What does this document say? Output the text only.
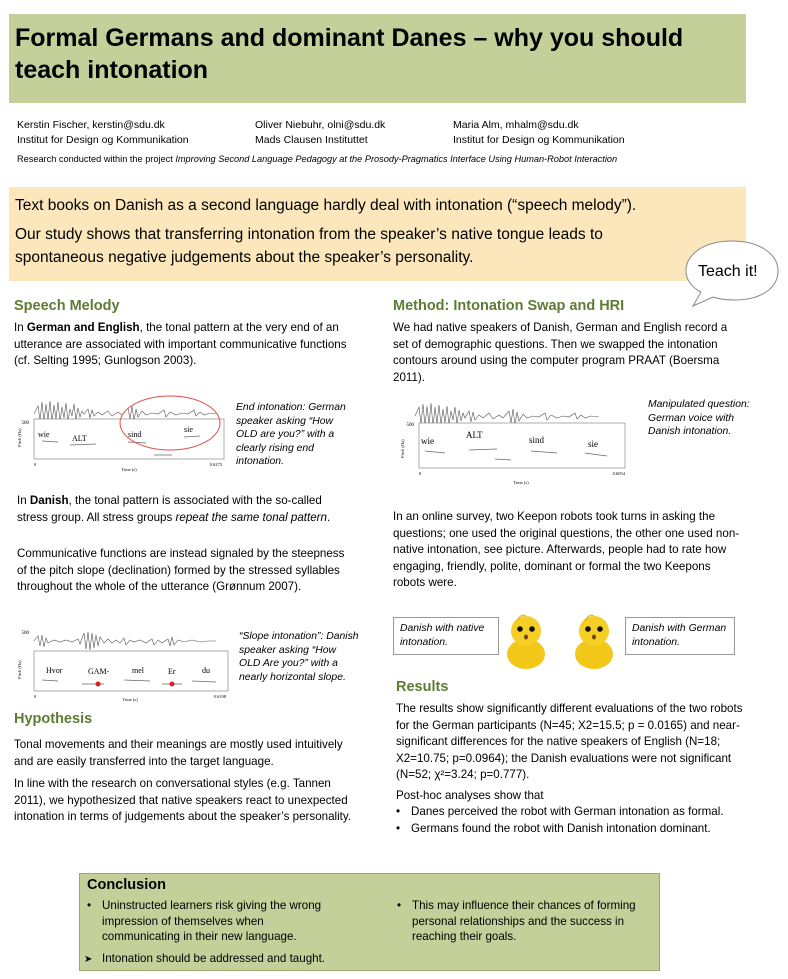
Formal Germans and dominant Danes – why you should teach intonation
Kerstin Fischer, kerstin@sdu.dk
Institut for Design og Kommunikation
Oliver Niebuhr, olni@sdu.dk
Mads Clausen Instituttet
Maria Alm, mhalm@sdu.dk
Institut for Design og Kommunikation
Research conducted within the project Improving Second Language Pedagogy at the Prosody-Pragmatics Interface Using Human-Robot Interaction
Text books on Danish as a second language hardly deal with intonation (“speech melody”).
Our study shows that transferring intonation from the speaker’s native tongue leads to
spontaneous negative judgements about the speaker’s personality.
Teach it!
Speech Melody
In German and English, the tonal pattern at the very end of an utterance are associated with important communicative functions (cf. Selting 1995; Gunlogson 2003).
500
Pitch (Hz)
0
Time (s)
0.6275
wie	ALT	sind
sie
End intonation: German speaker asking “How OLD are you?” with a clearly rising end intonation.
In Danish, the tonal pattern is associated with the so-called stress group. All stress groups repeat the same tonal pattern.
Communicative functions are instead signaled by the steepness of the pitch slope (declination) formed by the stressed syllables throughout the whole of the utterance (Grønnum 2007).
500
Pitch (Hz)
0
Time (s)
0.6198
Hvor	GAM-	mel	Er	du
“Slope intonation”: Danish speaker asking “How OLD Are you?” with a nearly horizontal slope.
Hypothesis
Tonal movements and their meanings are mostly used intuitively and are easily transferred into the target language.
In line with the research on conversational styles (e.g. Tannen 2011), we hypothesized that native speakers react to unexpected intonation in terms of judgements about the speaker’s personality.
Method: Intonation Swap and HRI
We had native speakers of Danish, German and English record a set of demographic questions. Then we swapped the intonation contours around using the computer program PRAAT (Boersma 2011).
500
Pitch (Hz)
0
Time (s)
0.6054
wie
ALT	sind	sie
Manipulated question: German voice with Danish intonation.
In an online survey, two Keepon robots took turns in asking the questions; one used the original questions, the other one used non-native intonation, see picture. Afterwards, people had to rate how engaging, friendly, polite, dominant or formal the two Keepons robots were.
Danish with native intonation.
Danish with German intonation.
Results
The results show significantly different evaluations of the two robots for the German participants (N=45; X2=15.5; p = 0.0165) and near-significant differences for the native speakers of English (N=18; X2=10.75; p=0.0964); the Danish evaluations were not significant (N=52; χ²=3.24; p=0.777).
Post-hoc analyses show that
• Danes perceived the robot with German intonation as formal.
• Germans found the robot with Danish intonation dominant.
Conclusion
• Uninstructed learners risk giving the wrong impression of themselves when communicating in their new language.
➤ Intonation should be addressed and taught.
• This may influence their chances of forming personal relationships and the success in reaching their goals.
